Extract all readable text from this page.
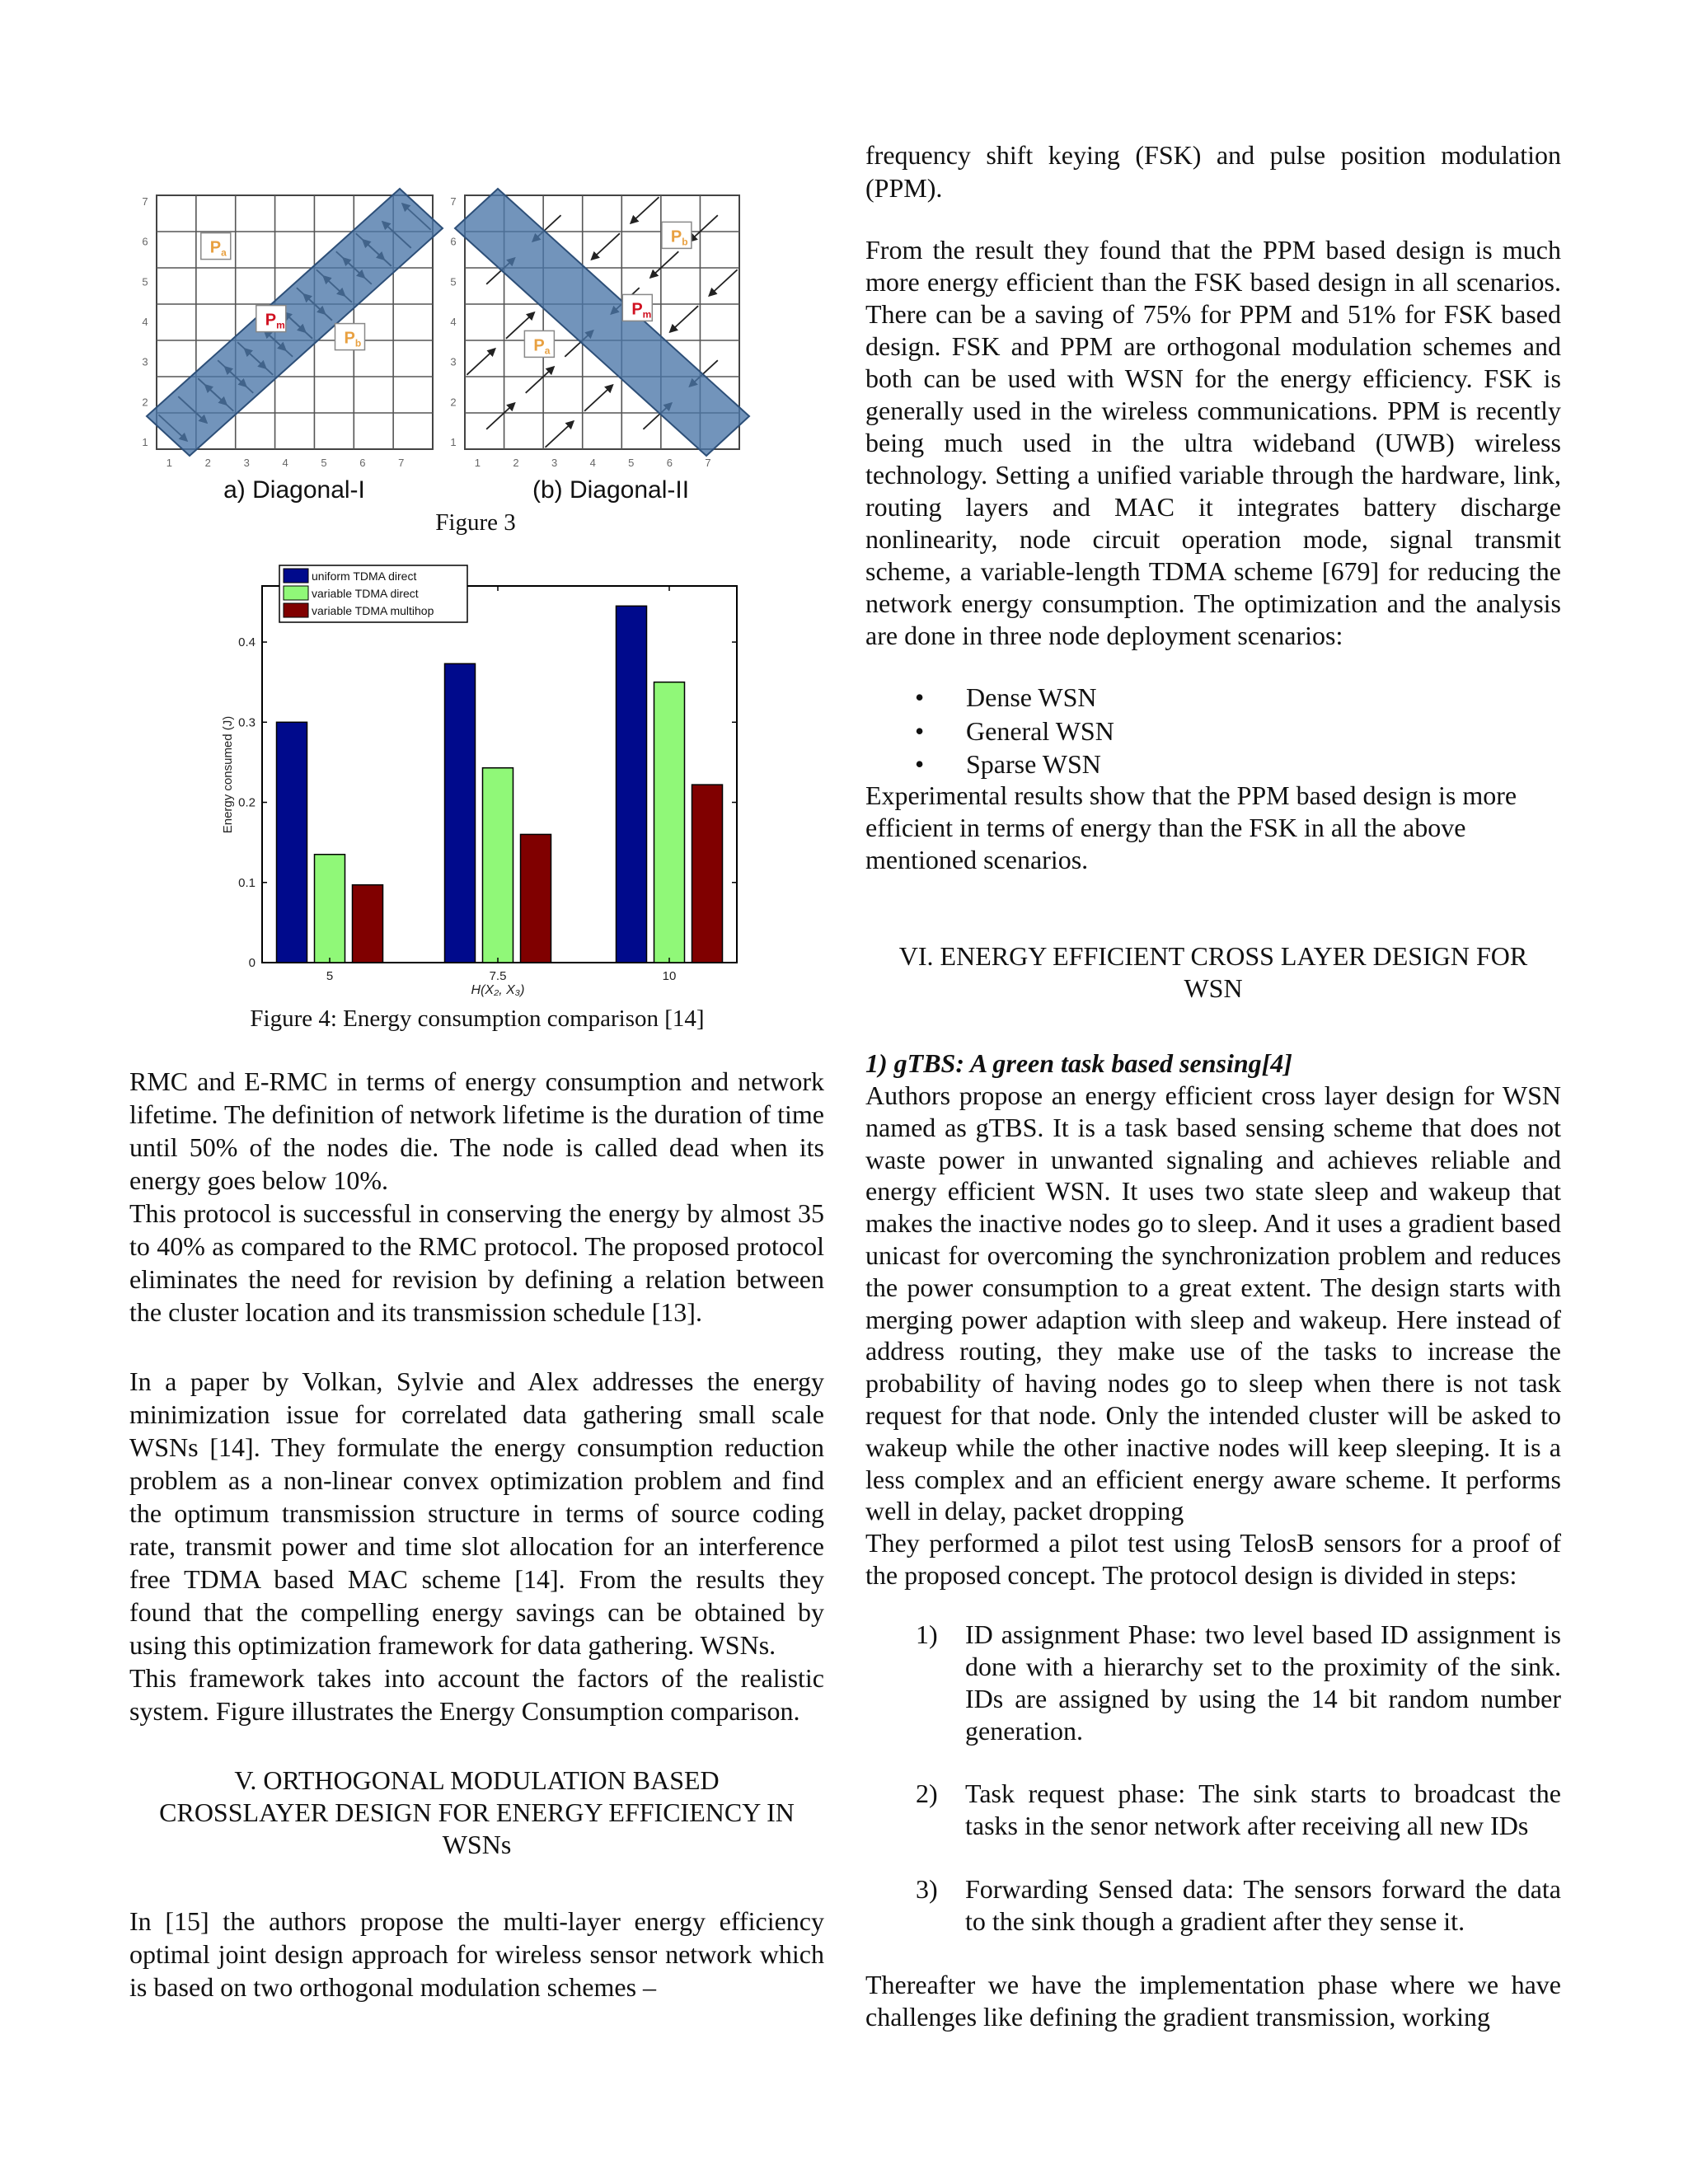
$P_a$
$P_m$
$P_b$
1
1
2
2
3
3
4
4
5
5
6
6
7
7
a) Diagonal-I
$P_b$
$P_m$
$P_a$
1
1
2
2
3
3
4
4
5
5
6
6
7
7
(b) Diagonal-II
0
0.1
0.2
0.3
0.4
5	7.5	10
H(X₂, X₃)
Energy consumed (J)
uniform TDMA direct
variable TDMA direct
variable TDMA multihop
Figure 3
Figure 4: Energy consumption comparison [14]

RMC and E-RMC in terms of energy consumption and network lifetime. The definition of network lifetime is the duration of time until 50% of the nodes die. The node is called dead when its energy goes below 10%.

This protocol is successful in conserving the energy by almost 35 to 40% as compared to the RMC protocol. The proposed protocol eliminates the need for revision by defining a relation between the cluster location and its transmission schedule [13].

In a paper by Volkan, Sylvie and Alex addresses the energy minimization issue for correlated data gathering small scale WSNs [14]. They formulate the energy consumption reduction problem as a non-linear convex optimization problem and find the optimum transmission structure in terms of source coding rate, transmit power and time slot allocation for an interference free TDMA based MAC scheme [14]. From the results they found that the compelling energy savings can be obtained by using this optimization framework for data gathering. WSNs.

This framework takes into account the factors of the realistic system. Figure illustrates the Energy Consumption comparison.

V. ORTHOGONAL MODULATION BASED
CROSSLAYER DESIGN FOR ENERGY EFFICIENCY IN
WSNs

In [15] the authors propose the multi-layer energy efficiency optimal joint design approach for wireless sensor network which is based on two orthogonal modulation schemes –

frequency shift keying (FSK) and pulse position modulation (PPM).

From the result they found that the PPM based design is much more energy efficient than the FSK based design in all scenarios. There can be a saving of 75% for PPM and 51% for FSK based design. FSK and PPM are orthogonal modulation schemes and both can be used with WSN for the energy efficiency. FSK is generally used in the wireless communications. PPM is recently being much used in the ultra wideband (UWB) wireless technology. Setting a unified variable through the hardware, link, routing layers and MAC it integrates battery discharge nonlinearity, node circuit operation mode, signal transmit scheme, a variable-length TDMA scheme [679] for reducing the network energy consumption. The optimization and the analysis are done in three node deployment scenarios:

•	Dense WSN
•	General WSN
•	Sparse WSN

Experimental results show that the PPM based design is more efficient in terms of energy than the FSK in all the above mentioned scenarios.

VI. ENERGY EFFICIENT CROSS LAYER DESIGN FOR
WSN
1) gTBS: A green task based sensing[4]

Authors propose an energy efficient cross layer design for WSN named as gTBS. It is a task based sensing scheme that does not waste power in unwanted signaling and achieves reliable and energy efficient WSN. It uses two state sleep and wakeup that makes the inactive nodes go to sleep. And it uses a gradient based unicast for overcoming the synchronization problem and reduces the power consumption to a great extent. The design starts with merging power adaption with sleep and wakeup. Here instead of address routing, they make use of the tasks to increase the probability of having nodes go to sleep when there is not task request for that node. Only the intended cluster will be asked to wakeup while the other inactive nodes will keep sleeping. It is a less complex and an efficient energy aware scheme. It performs well in delay, packet dropping

They performed a pilot test using TelosB sensors for a proof of the proposed concept. The protocol design is divided in steps:

1)	ID assignment Phase: two level based ID assignment is done with a hierarchy set to the proximity of the sink. IDs are assigned by using the 14 bit random number generation.
2)	Task request phase: The sink starts to broadcast the tasks in the senor network after receiving all new IDs
3)	Forwarding Sensed data: The sensors forward the data to the sink though a gradient after they sense it.

Thereafter we have the implementation phase where we have challenges like defining the gradient transmission, working
